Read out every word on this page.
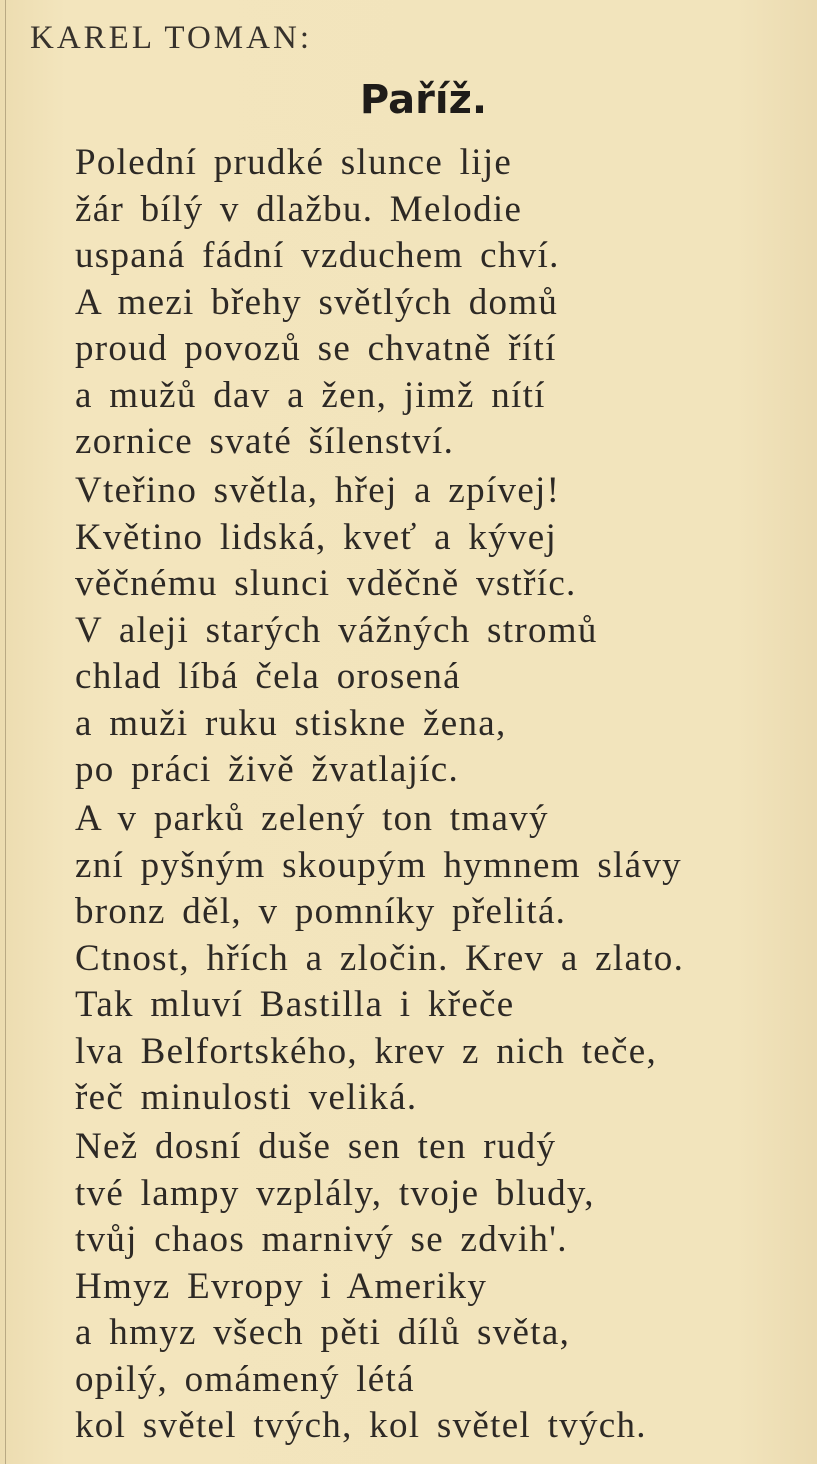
KAREL TOMAN:
Paříž.
Polední prudké slunce lije
žár bílý v dlažbu. Melodie
uspaná fádní vzduchem chví.
A mezi břehy světlých domů
proud povozů se chvatně řítí
a mužů dav a žen, jimž nítí
zornice svaté šílenství.
Vteřino světla, hřej a zpívej!
Květino lidská, kveť a kývej
věčnému slunci vděčně vstříc.
V aleji starých vážných stromů
chlad líbá čela orosená
a muži ruku stiskne žena,
po práci živě žvatlajíc.
A v parků zelený ton tmavý
zní pyšným skoupým hymnem slávy
bronz děl, v pomníky přelitá.
Ctnost, hřích a zločin. Krev a zlato.
Tak mluví Bastilla i křeče
lva Belfortského, krev z nich teče,
řeč minulosti veliká.
Než dosní duše sen ten rudý
tvé lampy vzplály, tvoje bludy,
tvůj chaos marnivý se zdvih'.
Hmyz Evropy i Ameriky
a hmyz všech pěti dílů světa,
opilý, omámený létá
kol světel tvých, kol světel tvých.
